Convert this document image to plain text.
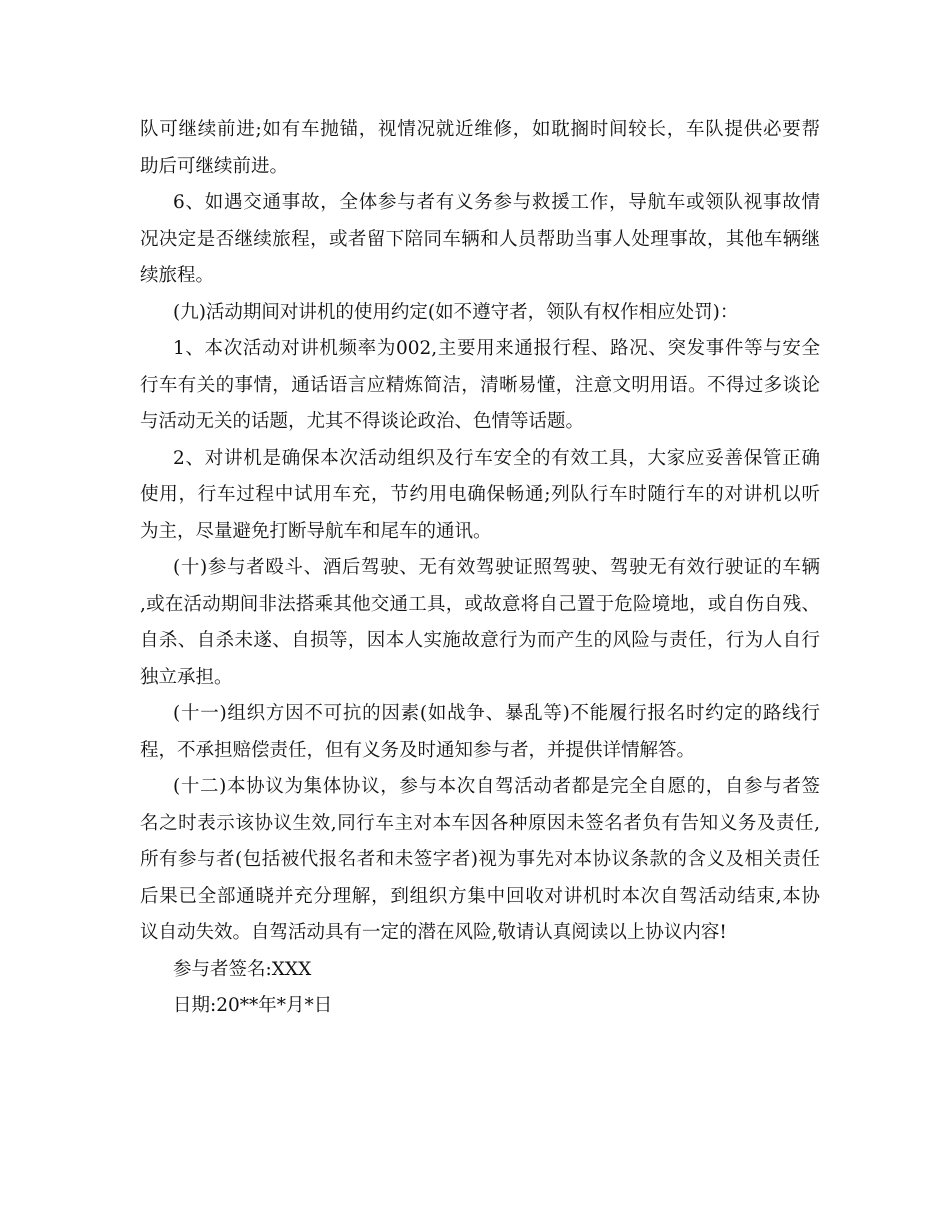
队可继续前进;如有车抛锚，视情况就近维修，如耽搁时间较长，车队提供必要帮
助后可继续前进。
6、如遇交通事故，全体参与者有义务参与救援工作，导航车或领队视事故情
况决定是否继续旅程，或者留下陪同车辆和人员帮助当事人处理事故，其他车辆继
续旅程。
(九)活动期间对讲机的使用约定(如不遵守者，领队有权作相应处罚)：
1、本次活动对讲机频率为002,主要用来通报行程、路况、突发事件等与安全
行车有关的事情，通话语言应精炼简洁，清晰易懂，注意文明用语。不得过多谈论
与活动无关的话题，尤其不得谈论政治、色情等话题。
2、对讲机是确保本次活动组织及行车安全的有效工具，大家应妥善保管正确
使用，行车过程中试用车充，节约用电确保畅通;列队行车时随行车的对讲机以听
为主，尽量避免打断导航车和尾车的通讯。
(十)参与者殴斗、酒后驾驶、无有效驾驶证照驾驶、驾驶无有效行驶证的车辆
,或在活动期间非法搭乘其他交通工具，或故意将自己置于危险境地，或自伤自残、
自杀、自杀未遂、自损等，因本人实施故意行为而产生的风险与责任，行为人自行
独立承担。
(十一)组织方因不可抗的因素(如战争、暴乱等)不能履行报名时约定的路线行
程，不承担赔偿责任，但有义务及时通知参与者，并提供详情解答。
(十二)本协议为集体协议，参与本次自驾活动者都是完全自愿的，自参与者签
名之时表示该协议生效,同行车主对本车因各种原因未签名者负有告知义务及责任,
所有参与者(包括被代报名者和未签字者)视为事先对本协议条款的含义及相关责任
后果已全部通晓并充分理解，到组织方集中回收对讲机时本次自驾活动结束,本协
议自动失效。自驾活动具有一定的潜在风险,敬请认真阅读以上协议内容!
参与者签名:XXX
日期:20**年*月*日
